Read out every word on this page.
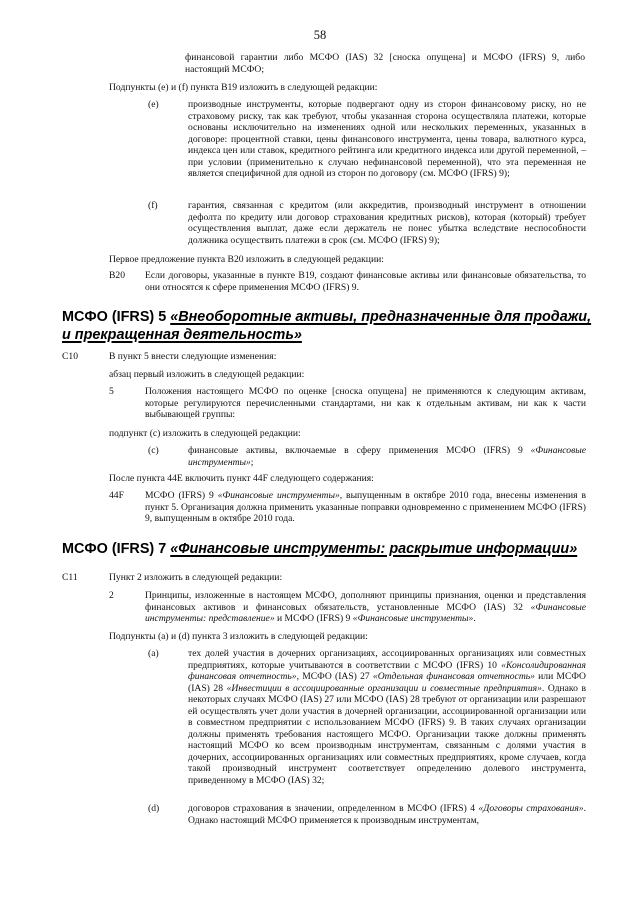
58
финансовой гарантии либо МСФО (IAS) 32 [сноска опущена] и МСФО (IFRS) 9, либо настоящий МСФО;
Подпункты (e) и (f) пункта B19 изложить в следующей редакции:
(e)	производные инструменты, которые подвергают одну из сторон финансовому риску, но не страховому риску, так как требуют, чтобы указанная сторона осуществляла платежи, которые основаны исключительно на изменениях одной или нескольких переменных, указанных в договоре: процентной ставки, цены финансового инструмента, цены товара, валютного курса, индекса цен или ставок, кредитного рейтинга или кредитного индекса или другой переменной, – при условии (применительно к случаю нефинансовой переменной), что эта переменная не является специфичной для одной из сторон по договору (см. МСФО (IFRS) 9);
(f)	гарантия, связанная с кредитом (или аккредитив, производный инструмент в отношении дефолта по кредиту или договор страхования кредитных рисков), которая (который) требует осуществления выплат, даже если держатель не понес убытка вследствие неспособности должника осуществить платежи в срок (см. МСФО (IFRS) 9);
Первое предложение пункта B20 изложить в следующей редакции:
B20 Если договоры, указанные в пункте B19, создают финансовые активы или финансовые обязательства, то они относятся к сфере применения МСФО (IFRS) 9.
МСФО (IFRS) 5 «Внеоборотные активы, предназначенные для продажи,
и прекращенная деятельность»
C10	В пункт 5 внести следующие изменения:
абзац первый изложить в следующей редакции:
5	Положения настоящего МСФО по оценке [сноска опущена] не применяются к следующим активам, которые регулируются перечисленными стандартами, ни как к отдельным активам, ни как к части выбывающей группы:
подпункт (c) изложить в следующей редакции:
(c)	финансовые активы, включаемые в сферу применения МСФО (IFRS) 9 «Финансовые инструменты»;
После пункта 44E включить пункт 44F следующего содержания:
44F МСФО (IFRS) 9 «Финансовые инструменты», выпущенным в октябре 2010 года, внесены изменения в пункт 5. Организация должна применить указанные поправки одновременно с применением МСФО (IFRS) 9, выпущенным в октябре 2010 года.
МСФО (IFRS) 7 «Финансовые инструменты: раскрытие информации»
C11	Пункт 2 изложить в следующей редакции:
2	Принципы, изложенные в настоящем МСФО, дополняют принципы признания, оценки и представления финансовых активов и финансовых обязательств, установленные МСФО (IAS) 32 «Финансовые инструменты: представление» и МСФО (IFRS) 9 «Финансовые инструменты».
Подпункты (a) и (d) пункта 3 изложить в следующей редакции:
(a)	тех долей участия в дочерних организациях, ассоциированных организациях или совместных предприятиях, которые учитываются в соответствии с МСФО (IFRS) 10 «Консолидированная финансовая отчетность», МСФО (IAS) 27 «Отдельная финансовая отчетность» или МСФО (IAS) 28 «Инвестиции в ассоциированные организации и совместные предприятия». Однако в некоторых случаях МСФО (IAS) 27 или МСФО (IAS) 28 требуют от организации или разрешают ей осуществлять учет доли участия в дочерней организации, ассоциированной организации или в совместном предприятии с использованием МСФО (IFRS) 9. В таких случаях организации должны применять требования настоящего МСФО. Организации также должны применять настоящий МСФО ко всем производным инструментам, связанным с долями участия в дочерних, ассоциированных организациях или совместных предприятиях, кроме случаев, когда такой производный инструмент соответствует определению долевого инструмента, приведенному в МСФО (IAS) 32;
(d)	договоров страхования в значении, определенном в МСФО (IFRS) 4 «Договоры страхования». Однако настоящий МСФО применяется к производным инструментам,
